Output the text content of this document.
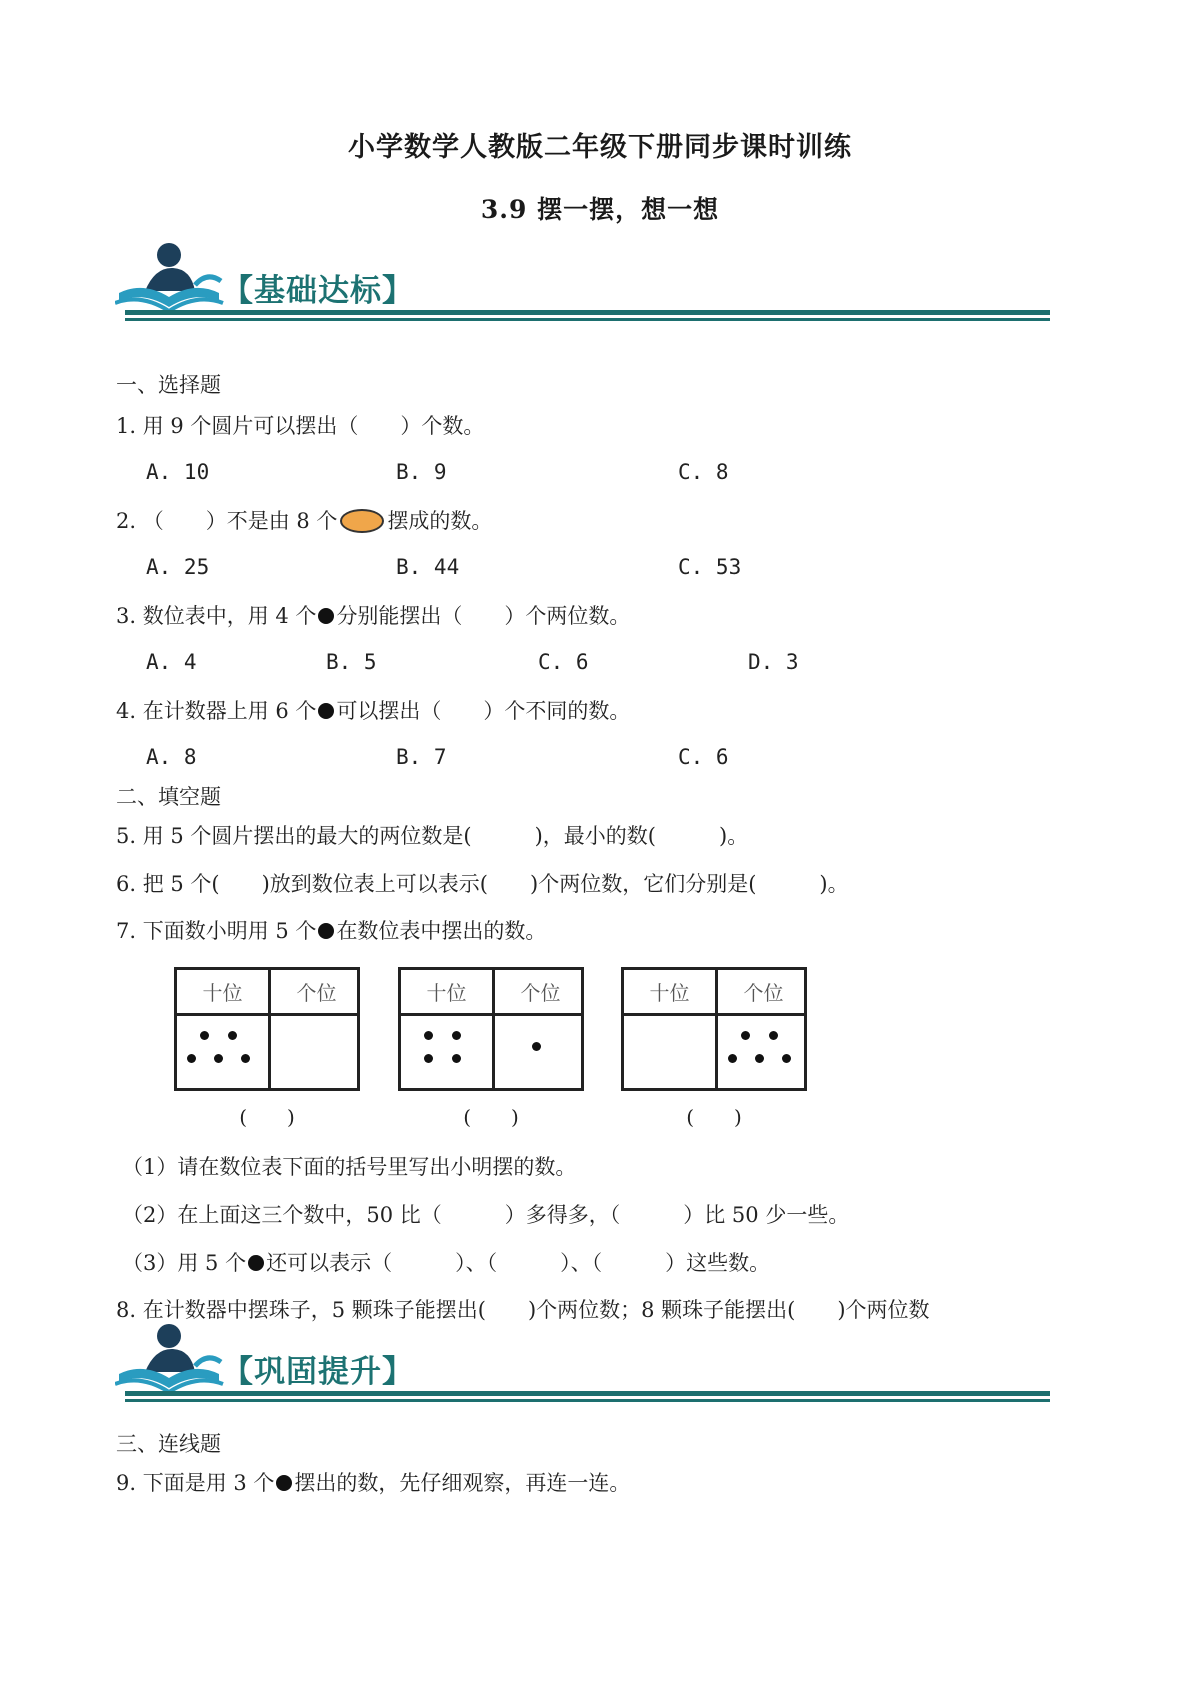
小学数学人教版二年级下册同步课时训练
3.9 摆一摆，想一想
【基础达标】
一、选择题
1. 用 9 个圆片可以摆出（　　）个数。
A. 10	B. 9	C. 8
2. （　　）不是由 8 个 摆成的数。
A. 25	B. 44	C. 53
3. 数位表中，用 4 个 分别能摆出（　　）个两位数。
A. 4	B. 5	C. 6	D. 3
4. 在计数器上用 6 个 可以摆出（　　）个不同的数。
A. 8	B. 7	C. 6
二、填空题
5. 用 5 个圆片摆出的最大的两位数是(　　　)，最小的数(　　　)。
6. 把 5 个(　　)放到数位表上可以表示(　　)个两位数，它们分别是(　　　)。
7. 下面数小明用 5 个 在数位表中摆出的数。
十位	个位
(　　)
十位	个位
(　　)
十位	个位
(　　)
（1）请在数位表下面的括号里写出小明摆的数。
（2）在上面这三个数中，50 比（　　　）多得多，（　　　）比 50 少一些。
（3）用 5 个 还可以表示（　　　）、（　　　）、（　　　）这些数。
8. 在计数器中摆珠子，5 颗珠子能摆出(　　)个两位数；8 颗珠子能摆出(　　)个两位数
【巩固提升】
三、连线题
9. 下面是用 3 个 摆出的数，先仔细观察，再连一连。
